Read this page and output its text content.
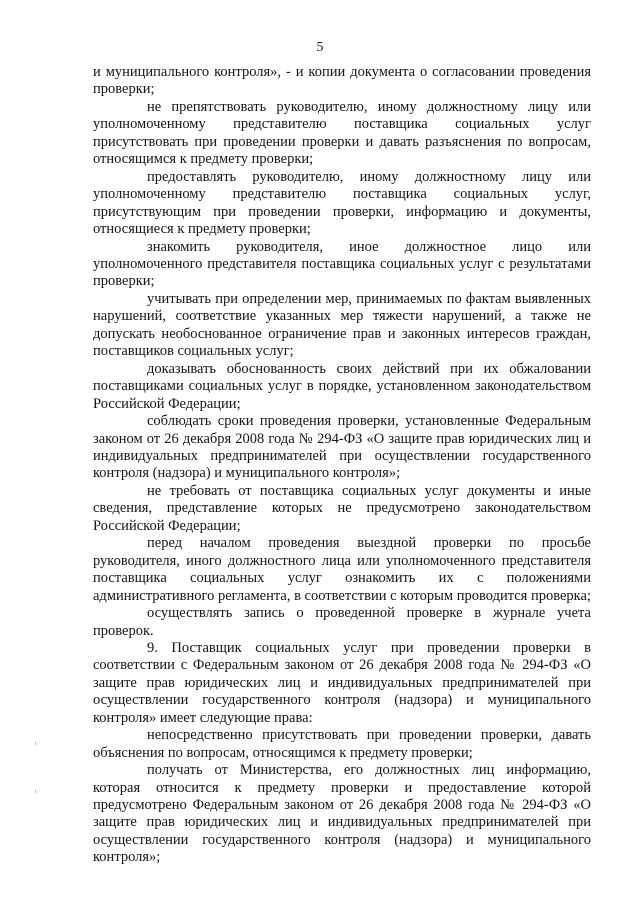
5

и муниципального контроля», - и копии документа о согласовании проведения проверки;

не препятствовать руководителю, иному должностному лицу или уполномоченному представителю поставщика социальных услуг присутствовать при проведении проверки и давать разъяснения по вопросам, относящимся к предмету проверки;

предоставлять руководителю, иному должностному лицу или уполномоченному представителю поставщика социальных услуг, присутствующим при проведении проверки, информацию и документы, относящиеся к предмету проверки;

знакомить руководителя, иное должностное лицо или уполномоченного представителя поставщика социальных услуг с результатами проверки;

учитывать при определении мер, принимаемых по фактам выявленных нарушений, соответствие указанных мер тяжести нарушений, а также не допускать необоснованное ограничение прав и законных интересов граждан, поставщиков социальных услуг;

доказывать обоснованность своих действий при их обжаловании поставщиками социальных услуг в порядке, установленном законодательством Российской Федерации;

соблюдать сроки проведения проверки, установленные Федеральным законом от 26 декабря 2008 года № 294-ФЗ «О защите прав юридических лиц и индивидуальных предпринимателей при осуществлении государственного контроля (надзора) и муниципального контроля»;

не требовать от поставщика социальных услуг документы и иные сведения, представление которых не предусмотрено законодательством Российской Федерации;

перед началом проведения выездной проверки по просьбе руководителя, иного должностного лица или уполномоченного представителя поставщика социальных услуг ознакомить их с положениями административного регламента, в соответствии с которым проводится проверка;

осуществлять запись о проведенной проверке в журнале учета проверок.

9. Поставщик социальных услуг при проведении проверки в соответствии с Федеральным законом от 26 декабря 2008 года № 294-ФЗ «О защите прав юридических лиц и индивидуальных предпринимателей при осуществлении государственного контроля (надзора) и муниципального контроля» имеет следующие права:

непосредственно присутствовать при проведении проверки, давать объяснения по вопросам, относящимся к предмету проверки;

получать от Министерства, его должностных лиц информацию, которая относится к предмету проверки и предоставление которой предусмотрено Федеральным законом от 26 декабря 2008 года № 294-ФЗ «О защите прав юридических лиц и индивидуальных предпринимателей при осуществлении государственного контроля (надзора) и муниципального контроля»;
